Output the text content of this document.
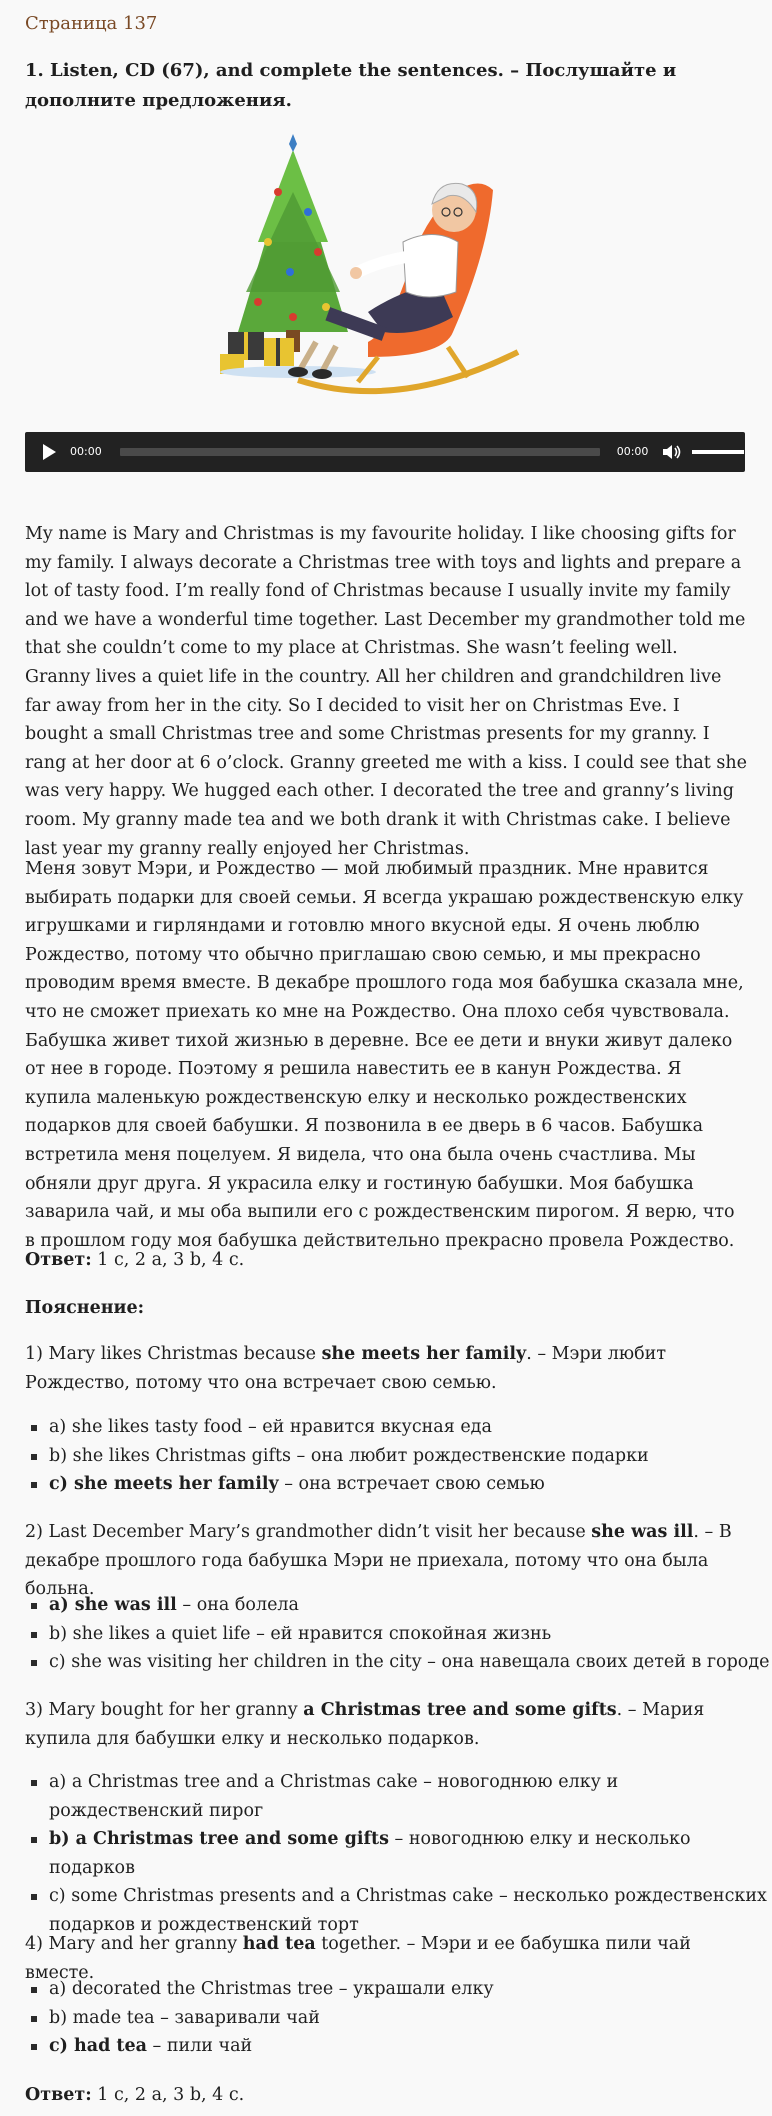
Страница 137
1. Listen, CD (67), and complete the sentences. – Послушайте и дополните предложения.
00:00	00:00

My name is Mary and Christmas is my favourite holiday. I like choosing gifts for my family. I always decorate a Christmas tree with toys and lights and prepare a lot of tasty food. I’m really fond of Christmas because I usually invite my family and we have a wonderful time together. Last December my grandmother told me that she couldn’t come to my place at Christmas. She wasn’t feeling well. Granny lives a quiet life in the country. All her children and grandchildren live far away from her in the city. So I decided to visit her on Christmas Eve. I bought a small Christmas tree and some Christmas presents for my granny. I rang at her door at 6 o’clock. Granny greeted me with a kiss. I could see that she was very happy. We hugged each other. I decorated the tree and granny’s living room. My granny made tea and we both drank it with Christmas cake. I believe last year my granny really enjoyed her Christmas.

Меня зовут Мэри, и Рождество — мой любимый праздник. Мне нравится выбирать подарки для своей семьи. Я всегда украшаю рождественскую елку игрушками и гирляндами и готовлю много вкусной еды. Я очень люблю Рождество, потому что обычно приглашаю свою семью, и мы прекрасно проводим время вместе. В декабре прошлого года моя бабушка сказала мне, что не сможет приехать ко мне на Рождество. Она плохо себя чувствовала. Бабушка живет тихой жизнью в деревне. Все ее дети и внуки живут далеко от нее в городе. Поэтому я решила навестить ее в канун Рождества. Я купила маленькую рождественскую елку и несколько рождественских подарков для своей бабушки. Я позвонила в ее дверь в 6 часов. Бабушка встретила меня поцелуем. Я видела, что она была очень счастлива. Мы обняли друг друга. Я украсила елку и гостиную бабушки. Моя бабушка заварила чай, и мы оба выпили его с рождественским пирогом. Я верю, что в прошлом году моя бабушка действительно прекрасно провела Рождество.

Ответ: 1 c, 2 a, 3 b, 4 c.

Пояснение:

1) Mary likes Christmas because she meets her family. – Мэри любит Рождество, потому что она встречает свою семью.

a) she likes tasty food – ей нравится вкусная еда
b) she likes Christmas gifts – она любит рождественские подарки
c) she meets her family – она встречает свою семью

2) Last December Mary’s grandmother didn’t visit her because she was ill. – В декабре прошлого года бабушка Мэри не приехала, потому что она была больна.

a) she was ill – она болела
b) she likes a quiet life – ей нравится спокойная жизнь
c) she was visiting her children in the city – она навещала своих детей в городе

3) Mary bought for her granny a Christmas tree and some gifts. – Мария купила для бабушки елку и несколько подарков.

a) a Christmas tree and a Christmas cake – новогоднюю елку и рождественский пирог
b) a Christmas tree and some gifts – новогоднюю елку и несколько подарков
c) some Christmas presents and a Christmas cake – несколько рождественских подарков и рождественский торт

4) Mary and her granny had tea together. – Мэри и ее бабушка пили чай вместе.

a) decorated the Christmas tree – украшали елку
b) made tea – заваривали чай
c) had tea – пили чай

Ответ: 1 c, 2 a, 3 b, 4 c.
